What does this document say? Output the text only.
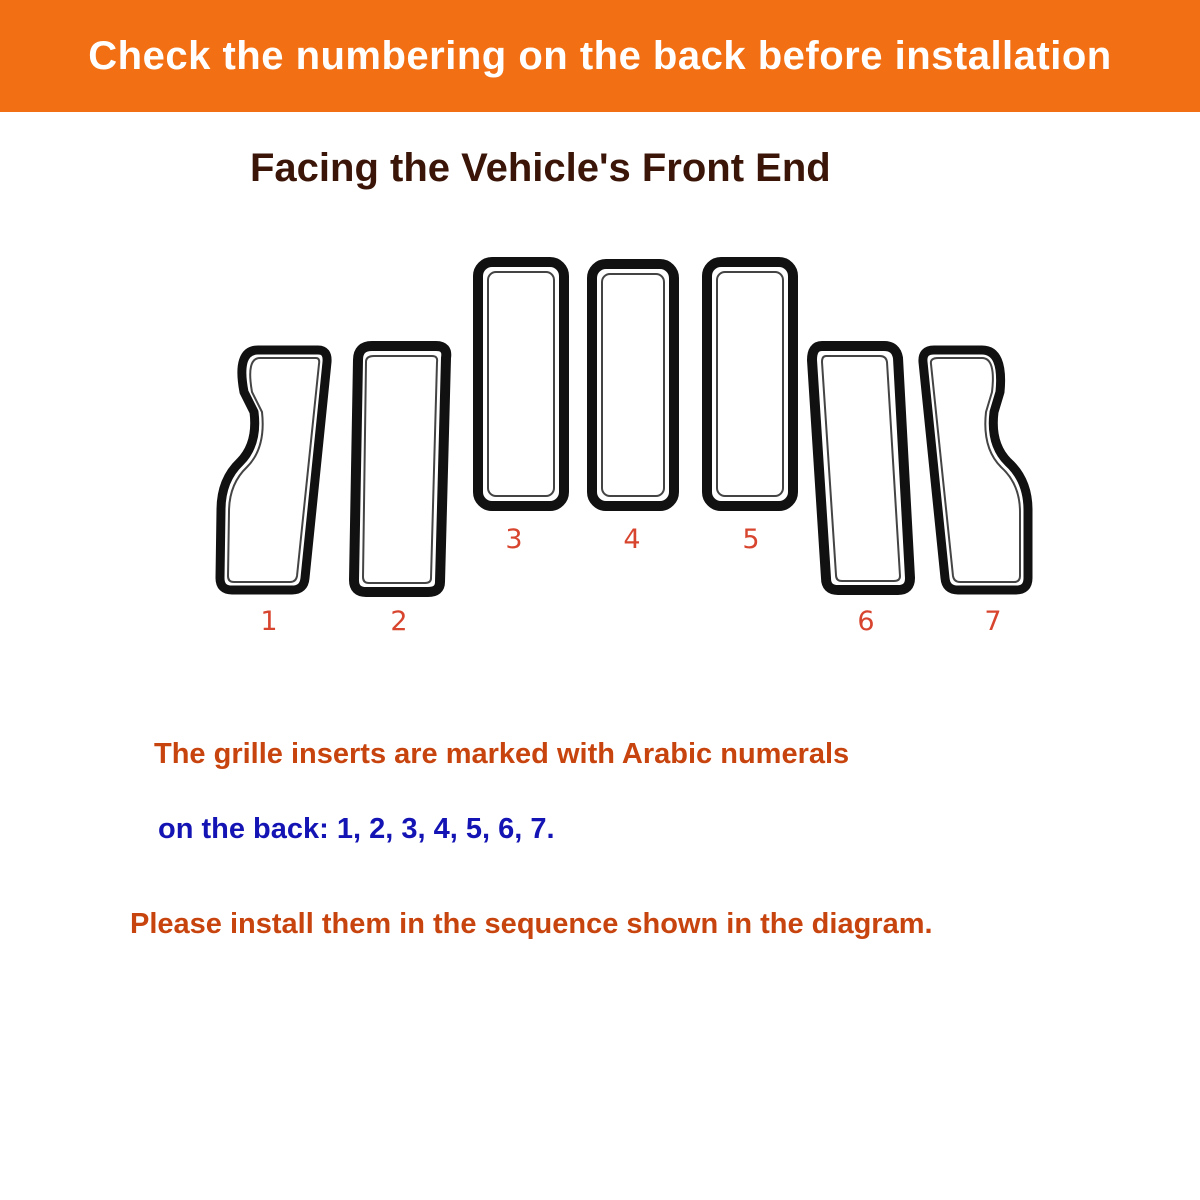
Check the numbering on the back before installation
Facing the Vehicle's Front End
1	2
3	4	5
6	7
The grille inserts are marked with Arabic numerals
on the back: 1, 2, 3, 4, 5, 6, 7.
Please install them in the sequence shown in the diagram.
